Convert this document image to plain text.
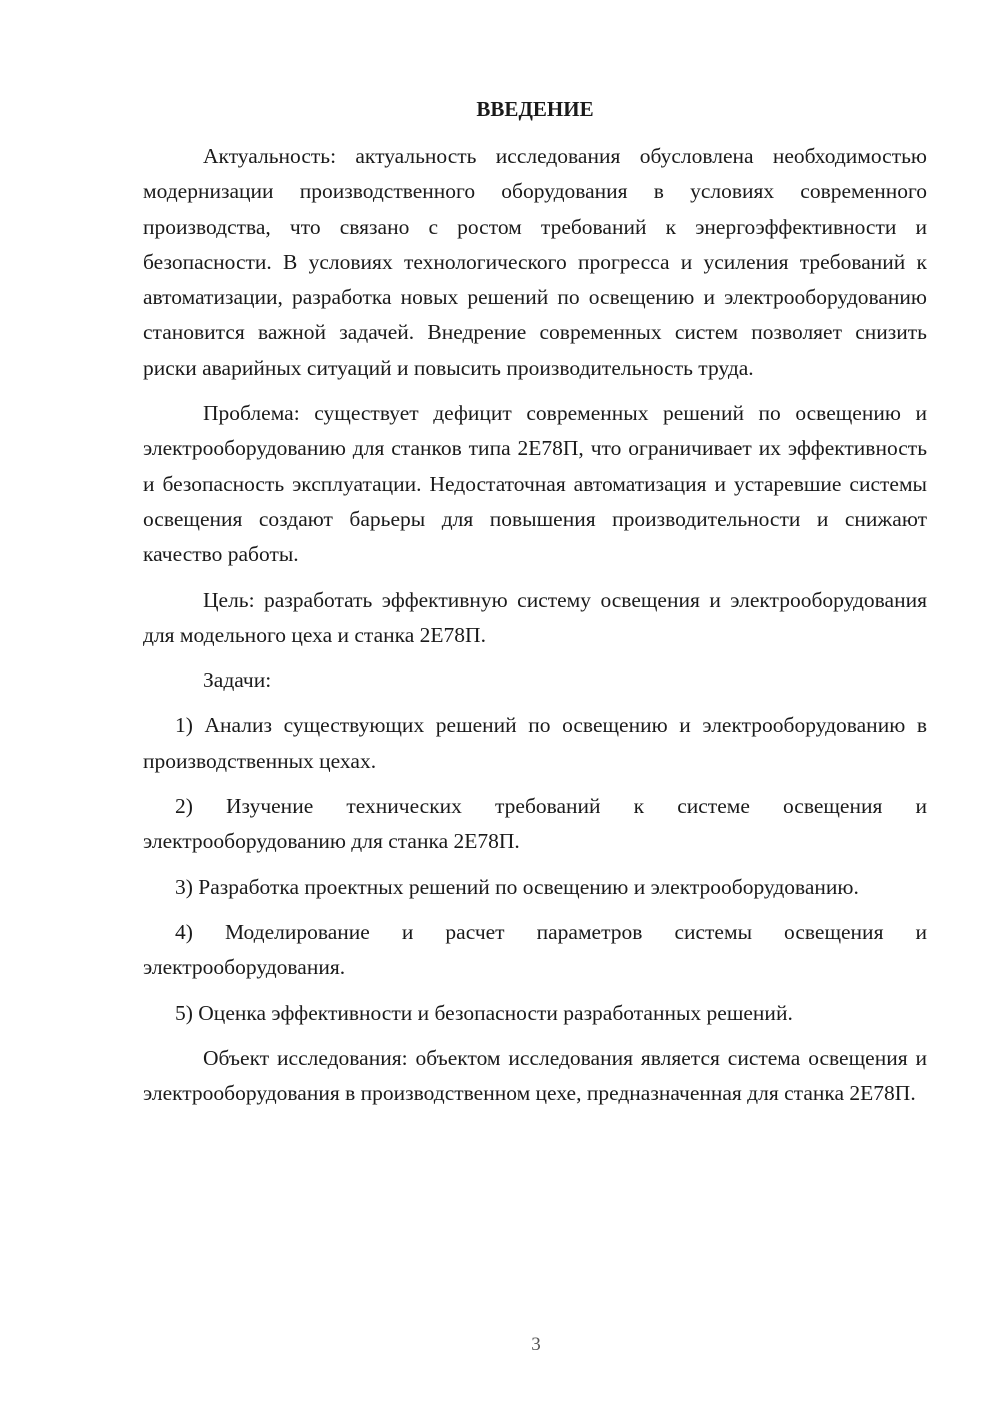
ВВЕДЕНИЕ

Актуальность: актуальность исследования обусловлена необходимостью модернизации производственного оборудования в условиях современного производства, что связано с ростом требований к энергоэффективности и безопасности. В условиях технологического прогресса и усиления требований к автоматизации, разработка новых решений по освещению и электрооборудованию становится важной задачей. Внедрение современных систем позволяет снизить риски аварийных ситуаций и повысить производительность труда.

Проблема: существует дефицит современных решений по освещению и электрооборудованию для станков типа 2Е78П, что ограничивает их эффективность и безопасность эксплуатации. Недостаточная автоматизация и устаревшие системы освещения создают барьеры для повышения производительности и снижают качество работы.

Цель: разработать эффективную систему освещения и электрооборудования для модельного цеха и станка 2Е78П.

Задачи:

1) Анализ существующих решений по освещению и электрооборудованию в производственных цехах.

2) Изучение технических требований к системе освещения и электрооборудованию для станка 2Е78П.

3) Разработка проектных решений по освещению и электрооборудованию.

4) Моделирование и расчет параметров системы освещения и электрооборудования.

5) Оценка эффективности и безопасности разработанных решений.

Объект исследования: объектом исследования является система освещения и электрооборудования в производственном цехе, предназначенная для станка 2Е78П.

3
